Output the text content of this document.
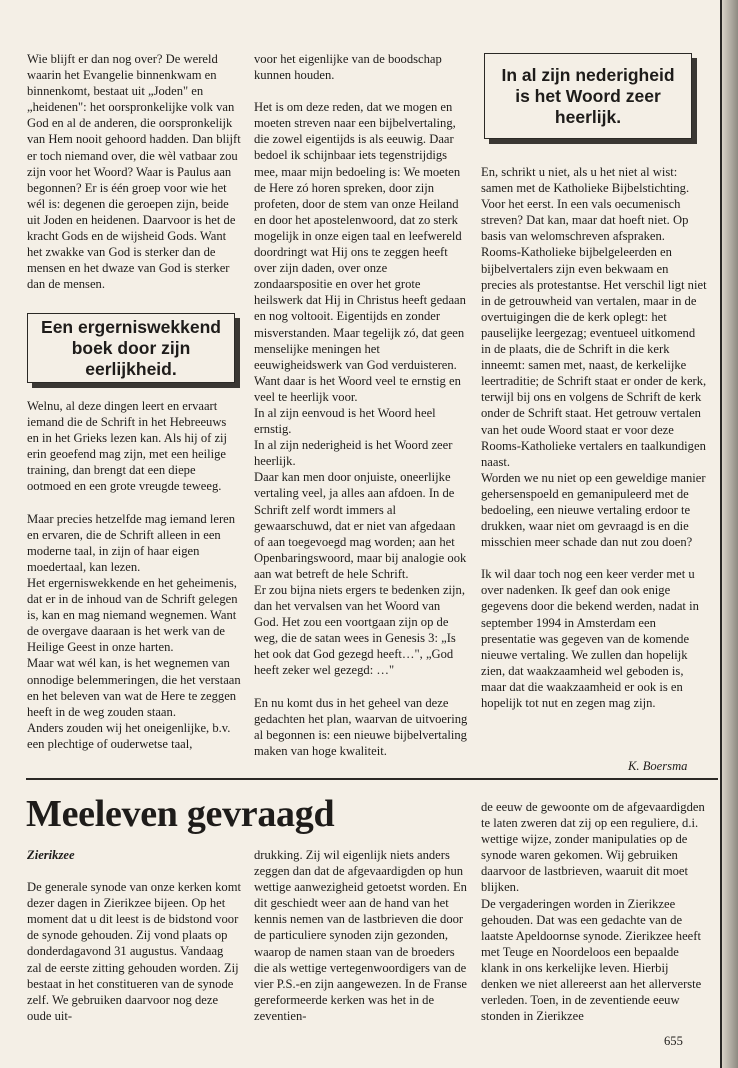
Wie blijft er dan nog over? De wereld waarin het Evangelie binnenkwam en binnenkomt, bestaat uit „Joden" en „heidenen": het oorspronkelijke volk van God en al de anderen, die oorspronkelijk van Hem nooit gehoord hadden. Dan blijft er toch niemand over, die wèl vatbaar zou zijn voor het Woord? Waar is Paulus aan begonnen? Er is één groep voor wie het wél is: degenen die geroepen zijn, beide uit Joden en heidenen. Daarvoor is het de kracht Gods en de wijsheid Gods. Want het zwakke van God is sterker dan de mensen en het dwaze van God is sterker dan de mensen.

Een ergerniswekkend boek door zijn eerlijkheid.

Welnu, al deze dingen leert en ervaart iemand die de Schrift in het Hebreeuws en in het Grieks lezen kan. Als hij of zij erin geoefend mag zijn, met een heilige training, dan brengt dat een diepe ootmoed en een grote vreugde teweeg.

Maar precies hetzelfde mag iemand leren en ervaren, die de Schrift alleen in een moderne taal, in zijn of haar eigen moedertaal, kan lezen.

Het ergerniswekkende en het geheimenis, dat er in de inhoud van de Schrift gelegen is, kan en mag niemand wegnemen. Want de overgave daaraan is het werk van de Heilige Geest in onze harten.

Maar wat wél kan, is het wegnemen van onnodige belemmeringen, die het verstaan en het beleven van wat de Here te zeggen heeft in de weg zouden staan.

Anders zouden wij het oneigenlijke, b.v. een plechtige of ouderwetse taal,

voor het eigenlijke van de boodschap kunnen houden.

Het is om deze reden, dat we mogen en moeten streven naar een bijbelvertaling, die zowel eigentijds is als eeuwig. Daar bedoel ik schijnbaar iets tegenstrijdigs mee, maar mijn bedoeling is: We moeten de Here zó horen spreken, door zijn profeten, door de stem van onze Heiland en door het apostelenwoord, dat zo sterk mogelijk in onze eigen taal en leefwereld doordringt wat Hij ons te zeggen heeft over zijn daden, over onze zondaarspositie en over het grote heilswerk dat Hij in Christus heeft gedaan en nog voltooit. Eigentijds en zonder misverstanden. Maar tegelijk zó, dat geen menselijke meningen het eeuwigheidswerk van God verduisteren. Want daar is het Woord veel te ernstig en veel te heerlijk voor.

In al zijn eenvoud is het Woord heel ernstig.

In al zijn nederigheid is het Woord zeer heerlijk.

Daar kan men door onjuiste, oneerlijke vertaling veel, ja alles aan afdoen. In de Schrift zelf wordt immers al gewaarschuwd, dat er niet van afgedaan of aan toegevoegd mag worden; aan het Openbaringswoord, maar bij analogie ook aan wat betreft de hele Schrift.

Er zou bijna niets ergers te bedenken zijn, dan het vervalsen van het Woord van God. Het zou een voortgaan zijn op de weg, die de satan wees in Genesis 3: „Is het ook dat God gezegd heeft…", „God heeft zeker wel gezegd: …"

En nu komt dus in het geheel van deze gedachten het plan, waarvan de uitvoering al begonnen is: een nieuwe bijbelvertaling maken van hoge kwaliteit.

In al zijn nederigheid is het Woord zeer heerlijk.

En, schrikt u niet, als u het niet al wist: samen met de Katholieke Bijbelstichting. Voor het eerst. In een vals oecumenisch streven? Dat kan, maar dat hoeft niet. Op basis van welomschreven afspraken. Rooms-Katholieke bijbelgeleerden en bijbelvertalers zijn even bekwaam en precies als protestantse. Het verschil ligt niet in de getrouwheid van vertalen, maar in de overtuigingen die de kerk oplegt: het pauselijke leergezag; eventueel uitkomend in de plaats, die de Schrift in die kerk inneemt: samen met, naast, de kerkelijke leertraditie; de Schrift staat er onder de kerk, terwijl bij ons en volgens de Schrift de kerk onder de Schrift staat. Het getrouw vertalen van het oude Woord staat er voor deze Rooms-Katholieke vertalers en taalkundigen naast.

Worden we nu niet op een geweldige manier gehersenspoeld en gemanipuleerd met de bedoeling, een nieuwe vertaling erdoor te drukken, waar niet om gevraagd is en die misschien meer schade dan nut zou doen?

Ik wil daar toch nog een keer verder met u over nadenken. Ik geef dan ook enige gegevens door die bekend werden, nadat in september 1994 in Amsterdam een presentatie was gegeven van de komende nieuwe vertaling. We zullen dan hopelijk zien, dat waakzaamheid wel geboden is, maar dat die waakzaamheid er ook is en hopelijk tot nut en zegen mag zijn.

K. Boersma
Meeleven gevraagd

Zierikzee

De generale synode van onze kerken komt dezer dagen in Zierikzee bijeen. Op het moment dat u dit leest is de bidstond voor de synode gehouden. Zij vond plaats op donderdagavond 31 augustus. Vandaag zal de eerste zitting gehouden worden. Zij bestaat in het constitueren van de synode zelf. We gebruiken daarvoor nog deze oude uit-

drukking. Zij wil eigenlijk niets anders zeggen dan dat de afgevaardigden op hun wettige aanwezigheid getoetst worden. En dit geschiedt weer aan de hand van het kennis nemen van de lastbrieven die door de particuliere synoden zijn gezonden, waarop de namen staan van de broeders die als wettige vertegenwoordigers van de vier P.S.-en zijn aangewezen. In de Franse gereformeerde kerken was het in de zeventien-

de eeuw de gewoonte om de afgevaardigden te laten zweren dat zij op een reguliere, d.i. wettige wijze, zonder manipulaties op de synode waren gekomen. Wij gebruiken daarvoor de lastbrieven, waaruit dit moet blijken.

De vergaderingen worden in Zierikzee gehouden. Dat was een gedachte van de laatste Apeldoornse synode. Zierikzee heeft met Teuge en Noordeloos een bepaalde klank in ons kerkelijke leven. Hierbij denken we niet allereerst aan het allerverste verleden. Toen, in de zeventiende eeuw stonden in Zierikzee

655
